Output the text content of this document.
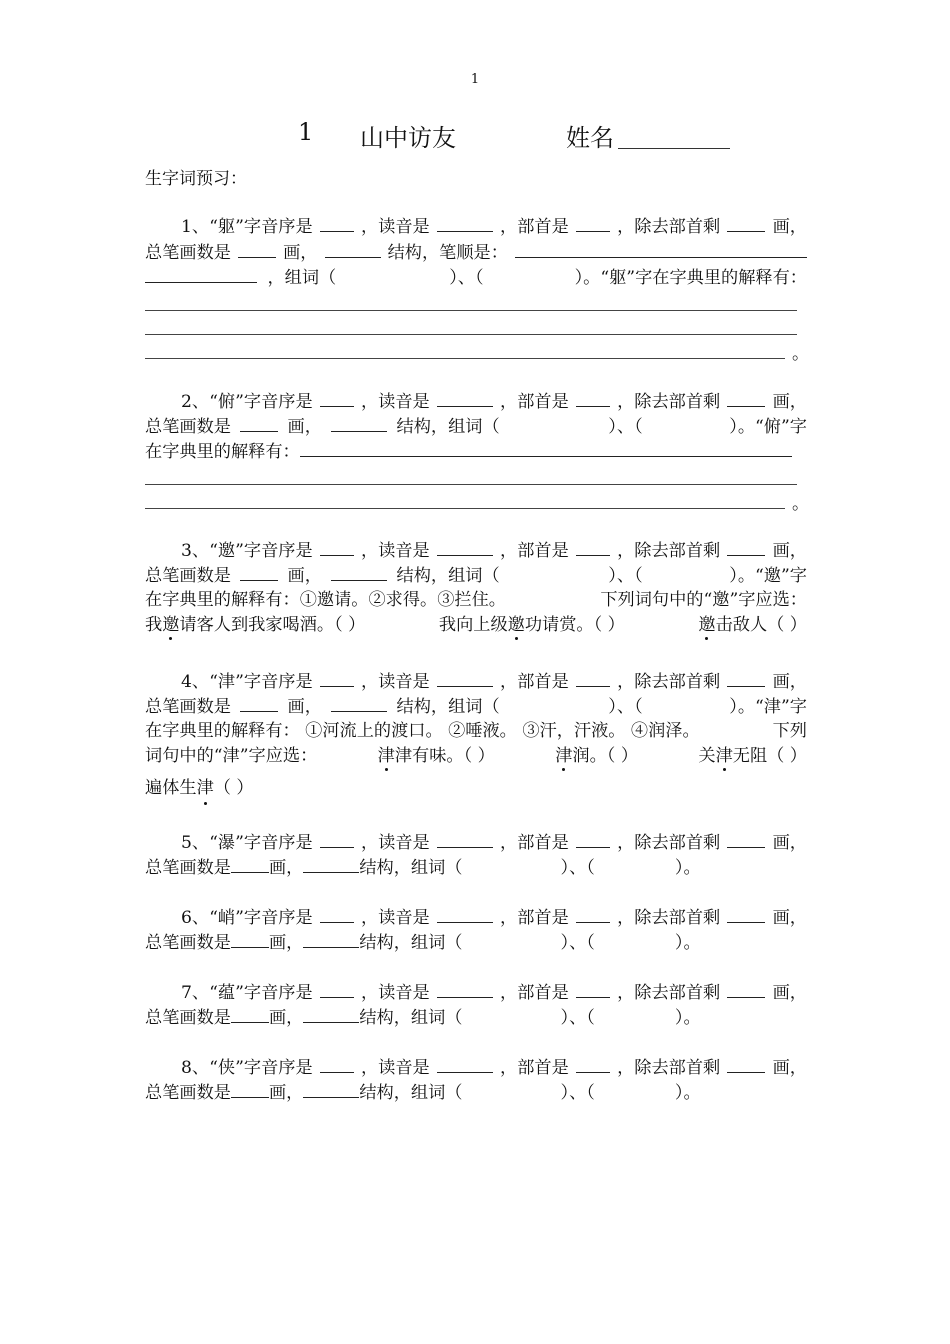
1
1 山中访友	姓名
生字词预习：
1、“躯”字音序是	，读音是	，部首是	，除去部首剩	画，
总笔画数是	画，	结构，笔顺是：
，组词（	）、（	）。“躯”字在字典里的解释有：
。
2、“俯”字音序是	，读音是	，部首是	，除去部首剩	画，
总笔画数是	画，	结构，组词（	）、（	）。“俯”字
在字典里的解释有：
。
3、“邀”字音序是	，读音是	，部首是	，除去部首剩	画，
总笔画数是	画，	结构，组词（	）、（	）。“邀”字
在字典里的解释有：①邀请。②求得。③拦住。	下列词句中的“邀”字应选：
我邀请客人到我家喝酒。（ ）	我向上级邀功请赏。（ ）	邀击敌人（ ）
4、“津”字音序是	，读音是	，部首是	，除去部首剩	画，
总笔画数是	画，	结构，组词（	）、（	）。“津”字
在字典里的解释有： ①河流上的渡口。 ②唾液。 ③汗，汗液。 ④润泽。	下列
词句中的“津”字应选：	津津有味。（ ）	津润。（ ）	关津无阻（ ）
遍体生 津 （ ）
5、“瀑”字音序是	，读音是	，部首是	，除去部首剩	画，
总笔画数是 画，	结构，组词（	）、（	）。
6、“峭”字音序是	，读音是	，部首是	，除去部首剩	画，
总笔画数是 画，	结构，组词（	）、（	）。
7、“蕴”字音序是	，读音是	，部首是	，除去部首剩	画，
总笔画数是 画，	结构，组词（	）、（	）。
8、“侠”字音序是	，读音是	，部首是	，除去部首剩	画，
总笔画数是 画，	结构，组词（	）、（	）。
